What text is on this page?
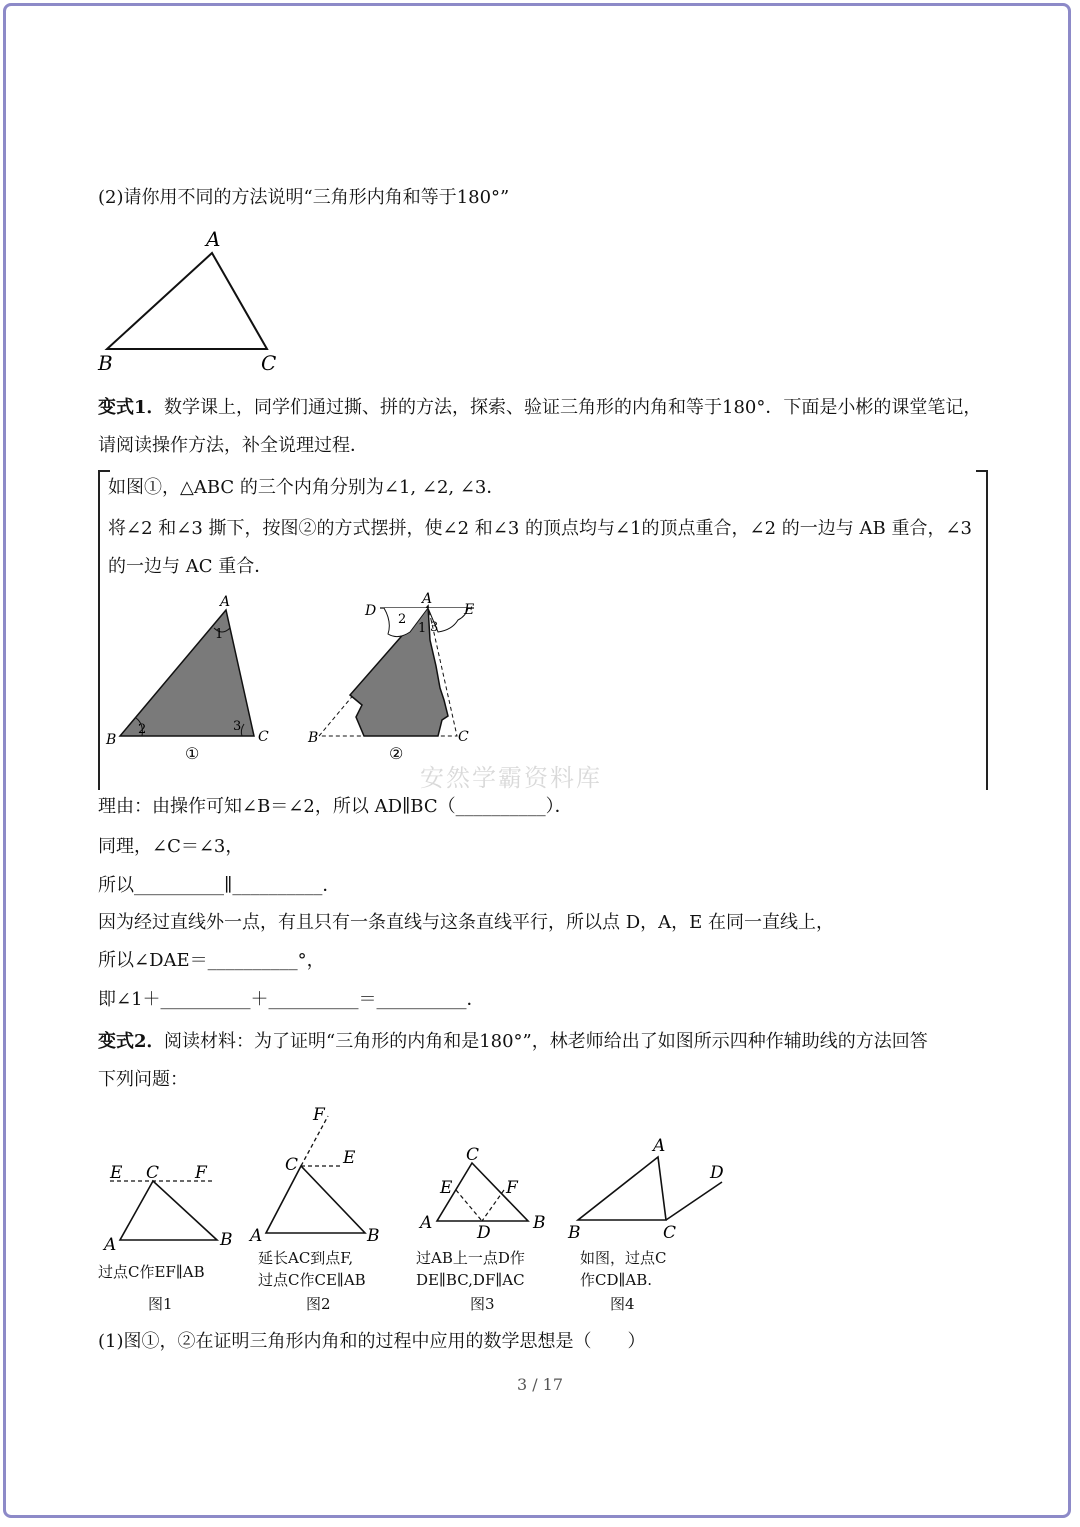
(2)请你用不同的方法说明“三角形内角和等于180°”
A
B	C
变式1． 数学课上，同学们通过撕、拼的方法，探索、验证三角形的内角和等于180°．下面是小彬的课堂笔记，
请阅读操作方法，补全说理过程．
如图①，△ABC 的三个内角分别为∠1, ∠2, ∠3．
将∠2 和∠3 撕下，按图②的方式摆拼，使∠2 和∠3 的顶点均与∠1的顶点重合，∠2 的一边与 AB 重合，∠3
的一边与 AC 重合．
A
B	C
1
2	3
①
A
D	E
B	C
2
1 3
②
安然学霸资料库
理由：由操作可知∠B＝∠2，所以 AD∥BC（__________）．
同理，∠C＝∠3，
所以__________∥__________．
因为经过直线外一点，有且只有一条直线与这条直线平行，所以点 D，A，E 在同一直线上，
所以∠DAE＝__________°，
即∠1＋__________＋__________＝__________．
变式2． 阅读材料：为了证明“三角形的内角和是180°”，林老师给出了如图所示四种作辅助线的方法回答
下列问题：
E C F
A	B
过点C作EF∥AB
图1
F
C	E
A	B
延长AC到点F,
过点C作CE∥AB
图2
C
E	F
A	D B
过AB上一点D作
DE∥BC,DF∥AC
图3
A
D
B	C
如图，过点C
作CD∥AB.
图4
(1)图①，②在证明三角形内角和的过程中应用的数学思想是（　　）
3 / 17
